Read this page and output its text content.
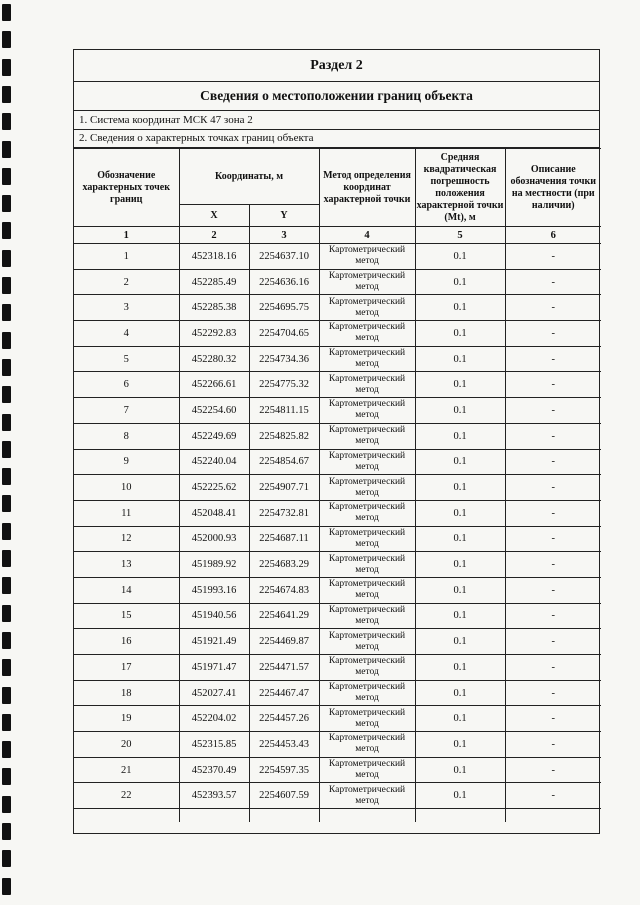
Раздел 2
Сведения о местоположении границ объекта
1. Система координат МСК 47 зона 2
2. Сведения о характерных точках границ объекта
Обозначение характерных точек границ	Координаты, м		Метод определения координат характерной точки	Средняя квадратическая погрешность положения характерной точки (Mt), м	Описание обозначения точки на местности (при наличии)
	X	Y			
1	2	3	4	5	6
1	452318.16	2254637.10	Картометрический метод	0.1	-
2	452285.49	2254636.16	Картометрический метод	0.1	-
3	452285.38	2254695.75	Картометрический метод	0.1	-
4	452292.83	2254704.65	Картометрический метод	0.1	-
5	452280.32	2254734.36	Картометрический метод	0.1	-
6	452266.61	2254775.32	Картометрический метод	0.1	-
7	452254.60	2254811.15	Картометрический метод	0.1	-
8	452249.69	2254825.82	Картометрический метод	0.1	-
9	452240.04	2254854.67	Картометрический метод	0.1	-
10	452225.62	2254907.71	Картометрический метод	0.1	-
11	452048.41	2254732.81	Картометрический метод	0.1	-
12	452000.93	2254687.11	Картометрический метод	0.1	-
13	451989.92	2254683.29	Картометрический метод	0.1	-
14	451993.16	2254674.83	Картометрический метод	0.1	-
15	451940.56	2254641.29	Картометрический метод	0.1	-
16	451921.49	2254469.87	Картометрический метод	0.1	-
17	451971.47	2254471.57	Картометрический метод	0.1	-
18	452027.41	2254467.47	Картометрический метод	0.1	-
19	452204.02	2254457.26	Картометрический метод	0.1	-
20	452315.85	2254453.43	Картометрический метод	0.1	-
21	452370.49	2254597.35	Картометрический метод	0.1	-
22	452393.57	2254607.59	Картометрический метод	0.1	-
